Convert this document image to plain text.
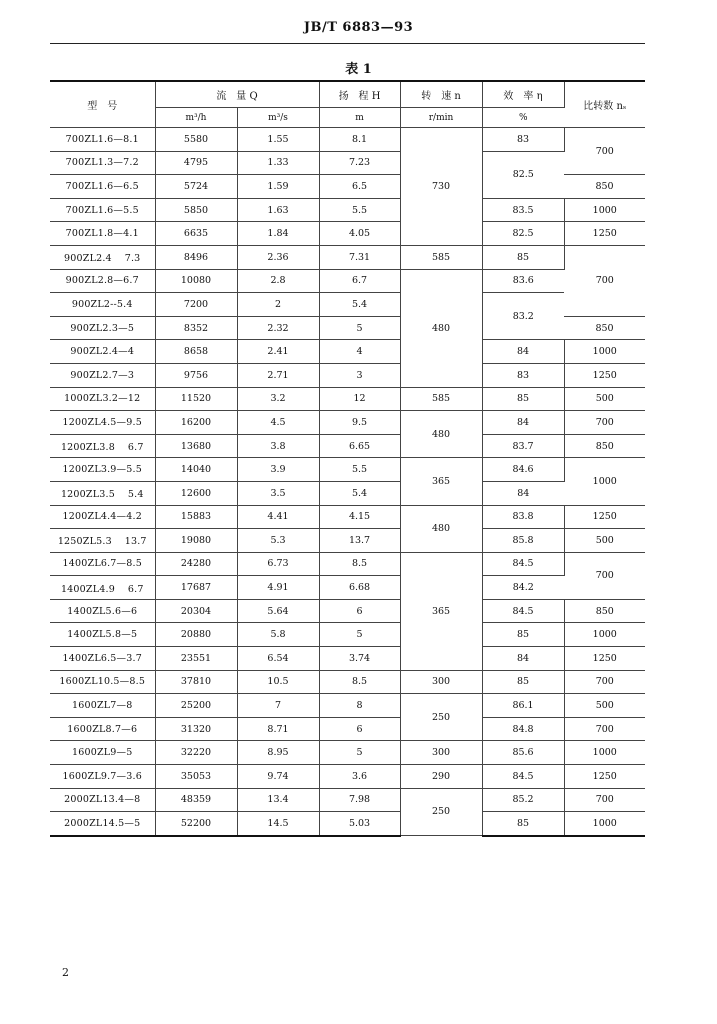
JB/T 6883—93
表 1
型　号	流　量 Q		扬　程 H	转　速 n	效　率 η	比转数 nₛ
	m³/h	m³/s	m	r/min	%	
700ZL1.6—8.1	5580	1.55	8.1	730	83	700
700ZL1.3—7.2	4795	1.33	7.23		82.5	
700ZL1.6—6.5	5724	1.59	6.5			850
700ZL1.6—5.5	5850	1.63	5.5		83.5	1000
700ZL1.8—4.1	6635	1.84	4.05		82.5	1250
900ZL2.4　 7.3	8496	2.36	7.31	585	85	700
900ZL2.8—6.7	10080	2.8	6.7	480	83.6	
900ZL2--5.4	7200	2	5.4		83.2	
900ZL2.3—5	8352	2.32	5			850
900ZL2.4—4	8658	2.41	4		84	1000
900ZL2.7—3	9756	2.71	3		83	1250
1000ZL3.2—12	11520	3.2	12	585	85	500
1200ZL4.5—9.5	16200	4.5	9.5	480	84	700
1200ZL3.8　 6.7	13680	3.8	6.65		83.7	850
1200ZL3.9—5.5	14040	3.9	5.5	365	84.6	1000
1200ZL3.5　 5.4	12600	3.5	5.4		84	
1200ZL4.4—4.2	15883	4.41	4.15	480	83.8	1250
1250ZL5.3　 13.7	19080	5.3	13.7		85.8	500
1400ZL6.7—8.5	24280	6.73	8.5	365	84.5	700
1400ZL4.9　 6.7	17687	4.91	6.68		84.2	
1400ZL5.6—6	20304	5.64	6		84.5	850
1400ZL5.8—5	20880	5.8	5		85	1000
1400ZL6.5—3.7	23551	6.54	3.74		84	1250
1600ZL10.5—8.5	37810	10.5	8.5	300	85	700
1600ZL7—8	25200	7	8	250	86.1	500
1600ZL8.7—6	31320	8.71	6		84.8	700
1600ZL9—5	32220	8.95	5	300	85.6	1000
1600ZL9.7—3.6	35053	9.74	3.6	290	84.5	1250
2000ZL13.4—8	48359	13.4	7.98	250	85.2	700
2000ZL14.5—5	52200	14.5	5.03		85	1000
2
